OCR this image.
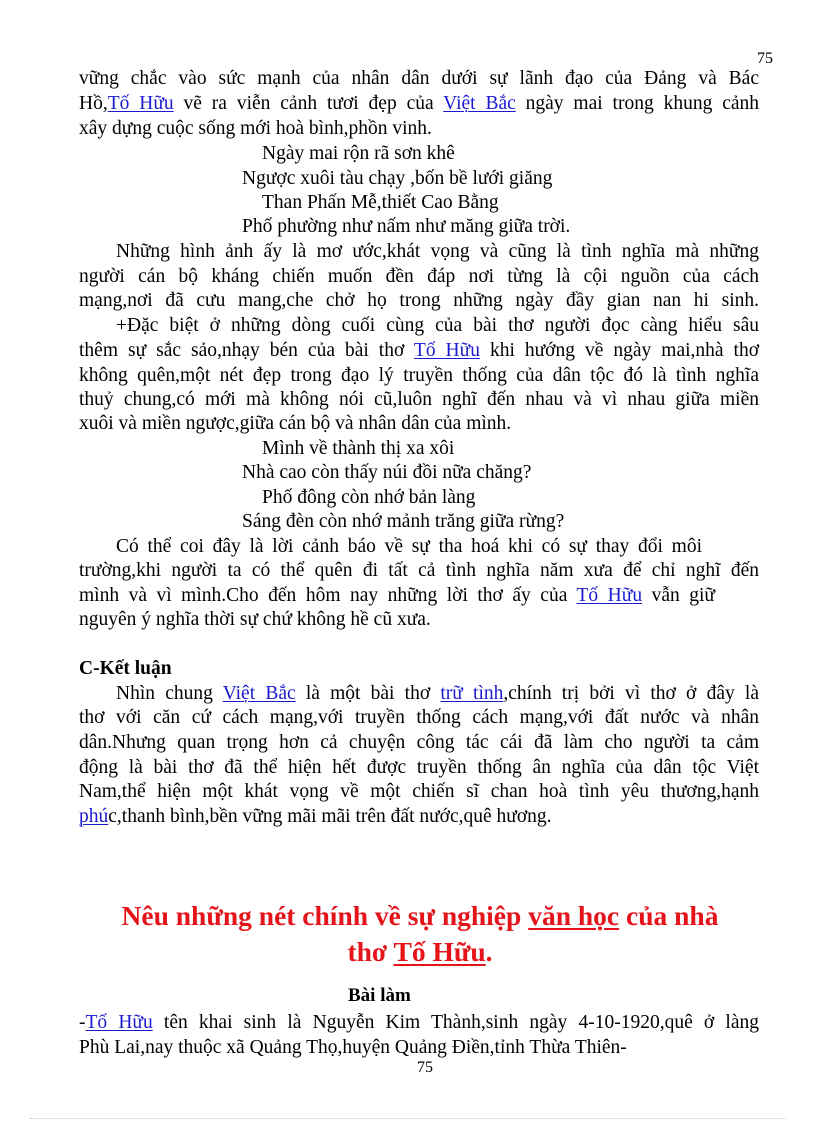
75
vững chắc vào sức mạnh của nhân dân dưới sự lãnh đạo của Đảng và Bác
Hồ,Tố Hữu vẽ ra viễn cảnh tươi đẹp của Việt Bắc ngày mai trong khung cảnh
xây dựng cuộc sống mới hoà bình,phồn vinh.
Ngày mai rộn rã sơn khê
Ngược xuôi tàu chạy ,bốn bề lưới giăng
Than Phấn Mễ,thiết Cao Bằng
Phố phường như nấm như măng giữa trời.
Những hình ảnh ấy là mơ ước,khát vọng và cũng là tình nghĩa mà những
người cán bộ kháng chiến muốn đền đáp nơi từng là cội nguồn của cách
mạng,nơi đã cưu mang,che chở họ trong những ngày đầy gian nan hi sinh.
+Đặc biệt ở những dòng cuối cùng của bài thơ người đọc càng hiểu sâu
thêm sự sắc sảo,nhạy bén của bài thơ Tố Hữu khi hướng về ngày mai,nhà thơ
không quên,một nét đẹp trong đạo lý truyền thống của dân tộc đó là tình nghĩa
thuỷ chung,có mới mà không nói cũ,luôn nghĩ đến nhau và vì nhau giữa miền
xuôi và miền ngược,giữa cán bộ và nhân dân của mình.
Mình về thành thị xa xôi
Nhà cao còn thấy núi đồi nữa chăng?
Phố đông còn nhớ bản làng
Sáng đèn còn nhớ mảnh trăng giữa rừng?
Có thể coi đây là lời cảnh báo về sự tha hoá khi có sự thay đổi môi
trường,khi người ta có thể quên đi tất cả tình nghĩa năm xưa để chỉ nghĩ đến
mình và vì mình.Cho đến hôm nay những lời thơ ấy của Tố Hữu vẫn giữ
nguyên ý nghĩa thời sự chứ không hề cũ xưa.
C-Kết luận
Nhìn chung Việt Bắc là một bài thơ trữ tình,chính trị bởi vì thơ ở đây là
thơ với căn cứ cách mạng,với truyền thống cách mạng,với đất nước và nhân
dân.Nhưng quan trọng hơn cả chuyện công tác cái đã làm cho người ta cảm
động là bài thơ đã thể hiện hết được truyền thống ân nghĩa của dân tộc Việt
Nam,thể hiện một khát vọng về một chiến sĩ chan hoà tình yêu thương,hạnh
phúc,thanh bình,bền vững mãi mãi trên đất nước,quê hương.
Nêu những nét chính về sự nghiệp văn học của nhà
thơ Tố Hữu.
Bài làm
-Tố Hữu tên khai sinh là Nguyễn Kim Thành,sinh ngày 4-10-1920,quê ở làng
Phù Lai,nay thuộc xã Quảng Thọ,huyện Quảng Điền,tỉnh Thừa Thiên-
75
